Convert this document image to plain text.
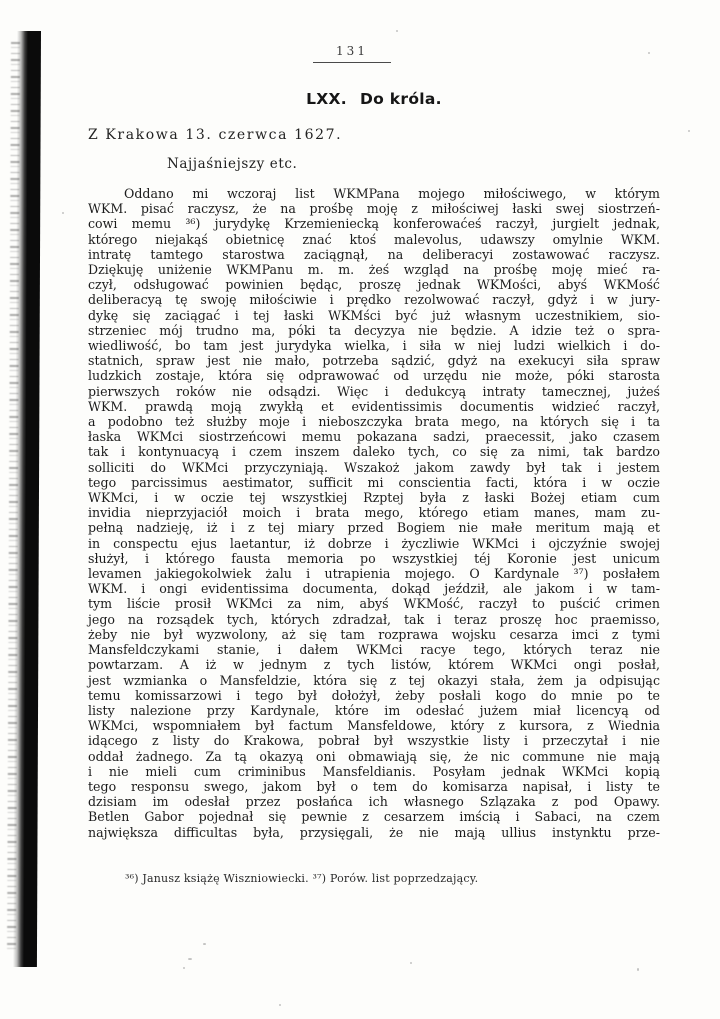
131
LXX. Do króla.
Z Krakowa 13. czerwca 1627.
Najjaśniejszy etc.
Oddano mi wczoraj list WKMPana mojego miłościwego, w którym
WKM. pisać raczysz, że na prośbę moję z miłościwej łaski swej siostrzeń-
cowi memu ³⁶) jurydykę Krzemieniecką konferowaćeś raczył, jurgielt jednak,
którego niejakąś obietnicę znać ktoś malevolus, udawszy omylnie WKM.
intratę tamtego starostwa zaciągnął, na deliberacyi zostawować raczysz.
Dziękuję uniżenie WKMPanu m. m. żeś wzgląd na prośbę moję mieć ra-
czył, odsługować powinien będąc, proszę jednak WKMości, abyś WKMość
deliberacyą tę swoję miłościwie i prędko rezolwować raczył, gdyż i w jury-
dykę się zaciągać i tej łaski WKMści być już własnym uczestnikiem, sio-
strzeniec mój trudno ma, póki ta decyzya nie będzie. A idzie też o spra-
wiedliwość, bo tam jest jurydyka wielka, i siła w niej ludzi wielkich i do-
statnich, spraw jest nie mało, potrzeba sądzić, gdyż na exekucyi siła spraw
ludzkich zostaje, która się odprawować od urzędu nie może, póki starosta
pierwszych roków nie odsądzi. Więc i dedukcyą intraty tamecznej, jużeś
WKM. prawdą moją zwykłą et evidentissimis documentis widzieć raczył,
a podobno też służby moje i nieboszczyka brata mego, na których się i ta
łaska WKMci siostrzeńcowi memu pokazana sadzi, praecessit, jako czasem
tak i kontynuacyą i czem inszem daleko tych, co się za nimi, tak bardzo
solliciti do WKMci przyczyniają. Wszakoż jakom zawdy był tak i jestem
tego parcissimus aestimator, sufficit mi conscientia facti, która i w oczie
WKMci, i w oczie tej wszystkiej Rzptej była z łaski Bożej etiam cum
invidia nieprzyjaciół moich i brata mego, którego etiam manes, mam zu-
pełną nadzieję, iż i z tej miary przed Bogiem nie małe meritum mają et
in conspectu ejus laetantur, iż dobrze i życzliwie WKMci i ojczyźnie swojej
służył, i którego fausta memoria po wszystkiej téj Koronie jest unicum
levamen jakiegokolwiek żalu i utrapienia mojego. O Kardynale ³⁷) posłałem
WKM. i ongi evidentissima documenta, dokąd jeździł, ale jakom i w tam-
tym liście prosił WKMci za nim, abyś WKMość, raczył to puścić crimen
jego na rozsądek tych, których zdradzał, tak i teraz proszę hoc praemisso,
żeby nie był wyzwolony, aż się tam rozprawa wojsku cesarza imci z tymi
Mansfeldczykami stanie, i dałem WKMci racye tego, których teraz nie
powtarzam. A iż w jednym z tych listów, którem WKMci ongi posłał,
jest wzmianka o Mansfeldzie, która się z tej okazyi stała, żem ja odpisując
temu komissarzowi i tego był dołożył, żeby posłali kogo do mnie po te
listy nalezione przy Kardynale, które im odesłać jużem miał licencyą od
WKMci, wspomniałem był factum Mansfeldowe, który z kursora, z Wiednia
idącego z listy do Krakowa, pobrał był wszystkie listy i przeczytał i nie
oddał żadnego. Za tą okazyą oni obmawiają się, że nic commune nie mają
i nie mieli cum criminibus Mansfeldianis. Posyłam jednak WKMci kopią
tego responsu swego, jakom był o tem do komisarza napisał, i listy te
dzisiam im odesłał przez posłańca ich własnego Szlązaka z pod Opawy.
Betlen Gabor pojednał się pewnie z cesarzem imścią i Sabaci, na czem
największa difficultas była, przysięgali, że nie mają ullius instynktu prze-
³⁶) Janusz książę Wiszniowiecki. ³⁷) Porów. list poprzedzający.
